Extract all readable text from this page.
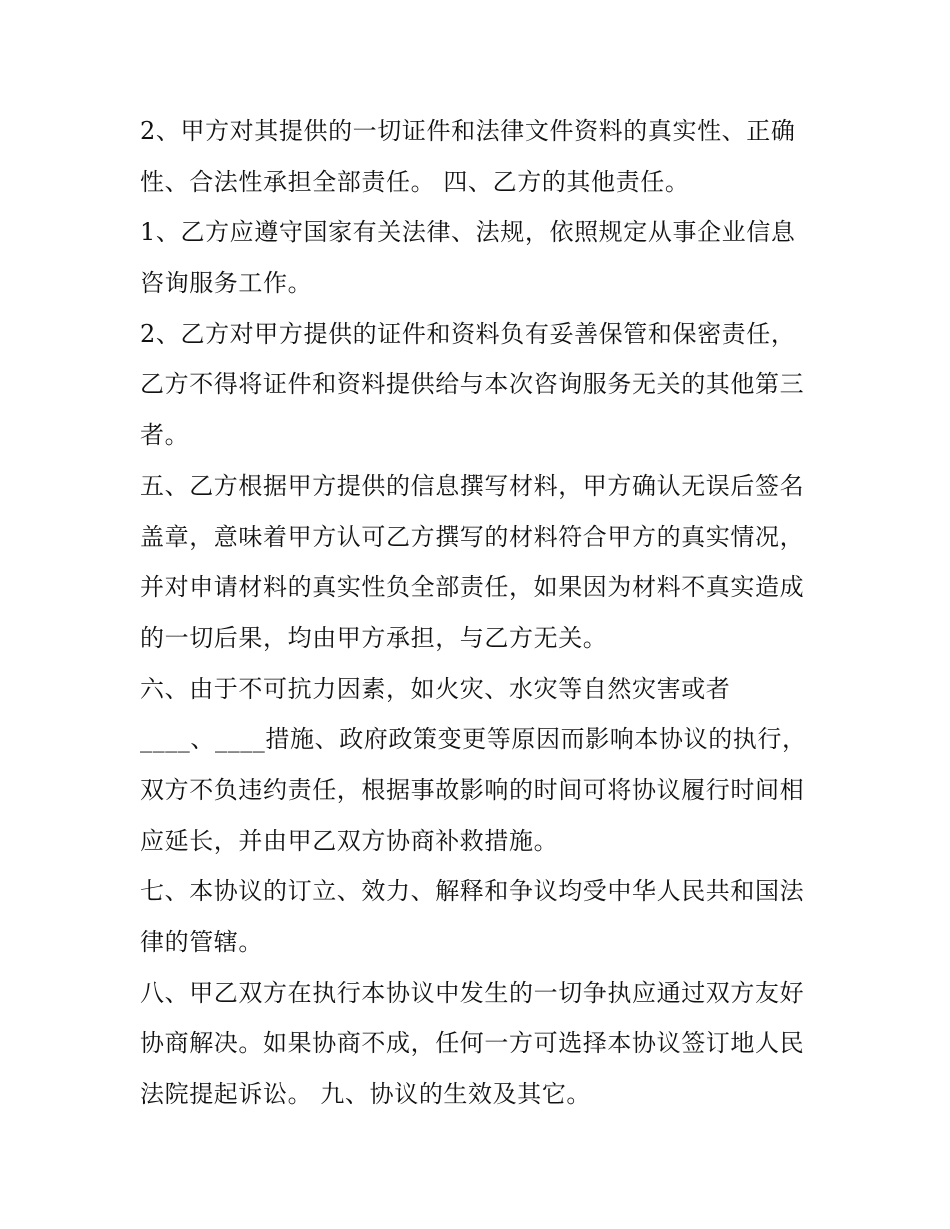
2、甲方对其提供的一切证件和法律文件资料的真实性、正确
性、合法性承担全部责任。 四、乙方的其他责任。
1、乙方应遵守国家有关法律、法规，依照规定从事企业信息
咨询服务工作。
2、乙方对甲方提供的证件和资料负有妥善保管和保密责任，
乙方不得将证件和资料提供给与本次咨询服务无关的其他第三
者。
五、乙方根据甲方提供的信息撰写材料，甲方确认无误后签名
盖章，意味着甲方认可乙方撰写的材料符合甲方的真实情况，
并对申请材料的真实性负全部责任，如果因为材料不真实造成
的一切后果，均由甲方承担，与乙方无关。
六、由于不可抗力因素，如火灾、水灾等自然灾害或者
____、____措施、政府政策变更等原因而影响本协议的执行，
双方不负违约责任，根据事故影响的时间可将协议履行时间相
应延长，并由甲乙双方协商补救措施。
七、本协议的订立、效力、解释和争议均受中华人民共和国法
律的管辖。
八、甲乙双方在执行本协议中发生的一切争执应通过双方友好
协商解决。如果协商不成，任何一方可选择本协议签订地人民
法院提起诉讼。 九、协议的生效及其它。
